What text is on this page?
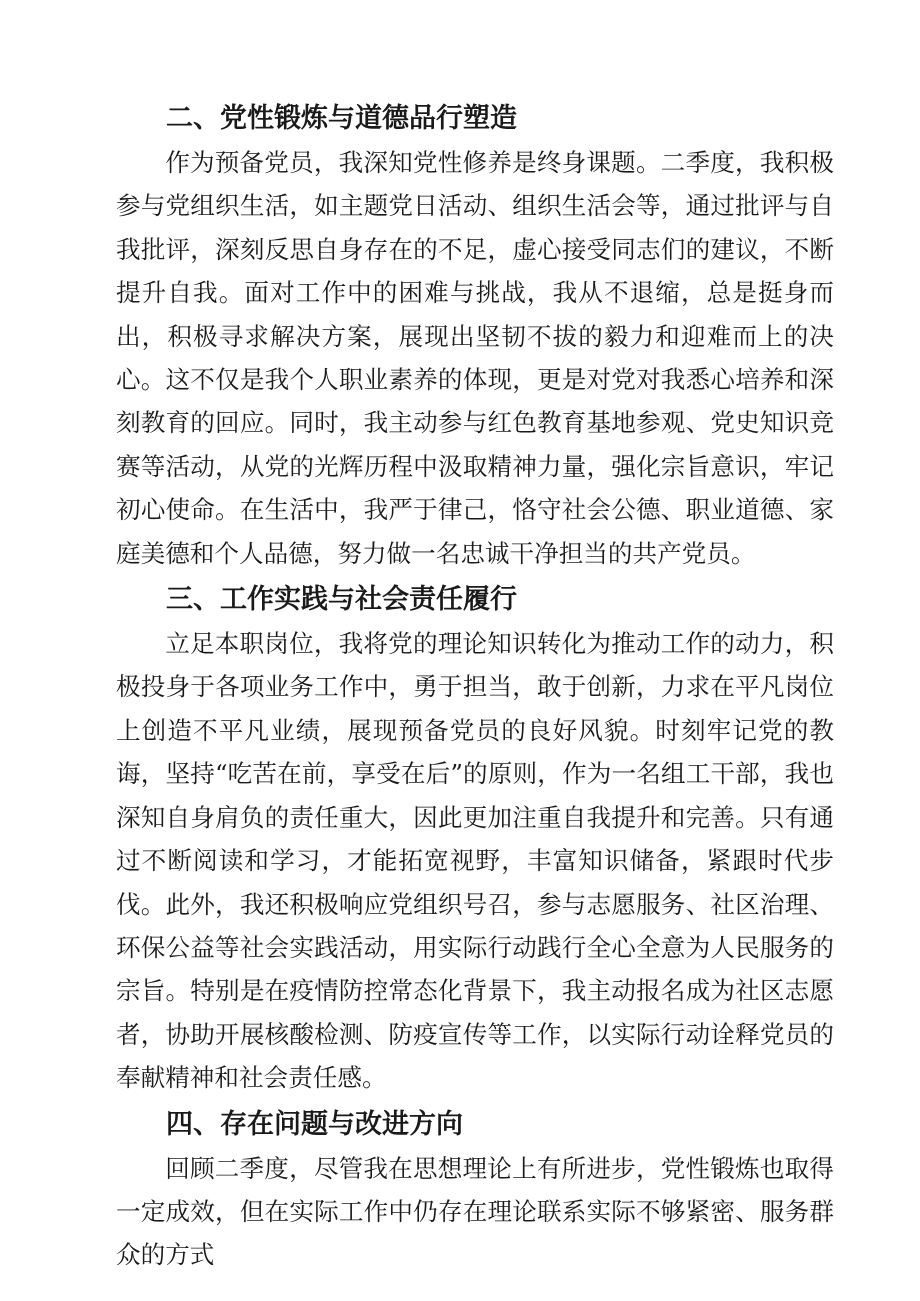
二、党性锻炼与道德品行塑造

作为预备党员，我深知党性修养是终身课题。二季度，我积极参与党组织生活，如主题党日活动、组织生活会等，通过批评与自我批评，深刻反思自身存在的不足，虚心接受同志们的建议，不断提升自我。面对工作中的困难与挑战，我从不退缩，总是挺身而出，积极寻求解决方案，展现出坚韧不拔的毅力和迎难而上的决心。这不仅是我个人职业素养的体现，更是对党对我悉心培养和深刻教育的回应。同时，我主动参与红色教育基地参观、党史知识竞赛等活动，从党的光辉历程中汲取精神力量，强化宗旨意识，牢记初心使命。在生活中，我严于律己，恪守社会公德、职业道德、家庭美德和个人品德，努力做一名忠诚干净担当的共产党员。

三、工作实践与社会责任履行

立足本职岗位，我将党的理论知识转化为推动工作的动力，积极投身于各项业务工作中，勇于担当，敢于创新，力求在平凡岗位上创造不平凡业绩，展现预备党员的良好风貌。时刻牢记党的教诲，坚持“吃苦在前，享受在后”的原则，作为一名组工干部，我也深知自身肩负的责任重大，因此更加注重自我提升和完善。只有通过不断阅读和学习，才能拓宽视野，丰富知识储备，紧跟时代步伐。此外，我还积极响应党组织号召，参与志愿服务、社区治理、环保公益等社会实践活动，用实际行动践行全心全意为人民服务的宗旨。特别是在疫情防控常态化背景下，我主动报名成为社区志愿者，协助开展核酸检测、防疫宣传等工作，以实际行动诠释党员的奉献精神和社会责任感。

四、存在问题与改进方向

回顾二季度，尽管我在思想理论上有所进步，党性锻炼也取得一定成效，但在实际工作中仍存在理论联系实际不够紧密、服务群众的方式
